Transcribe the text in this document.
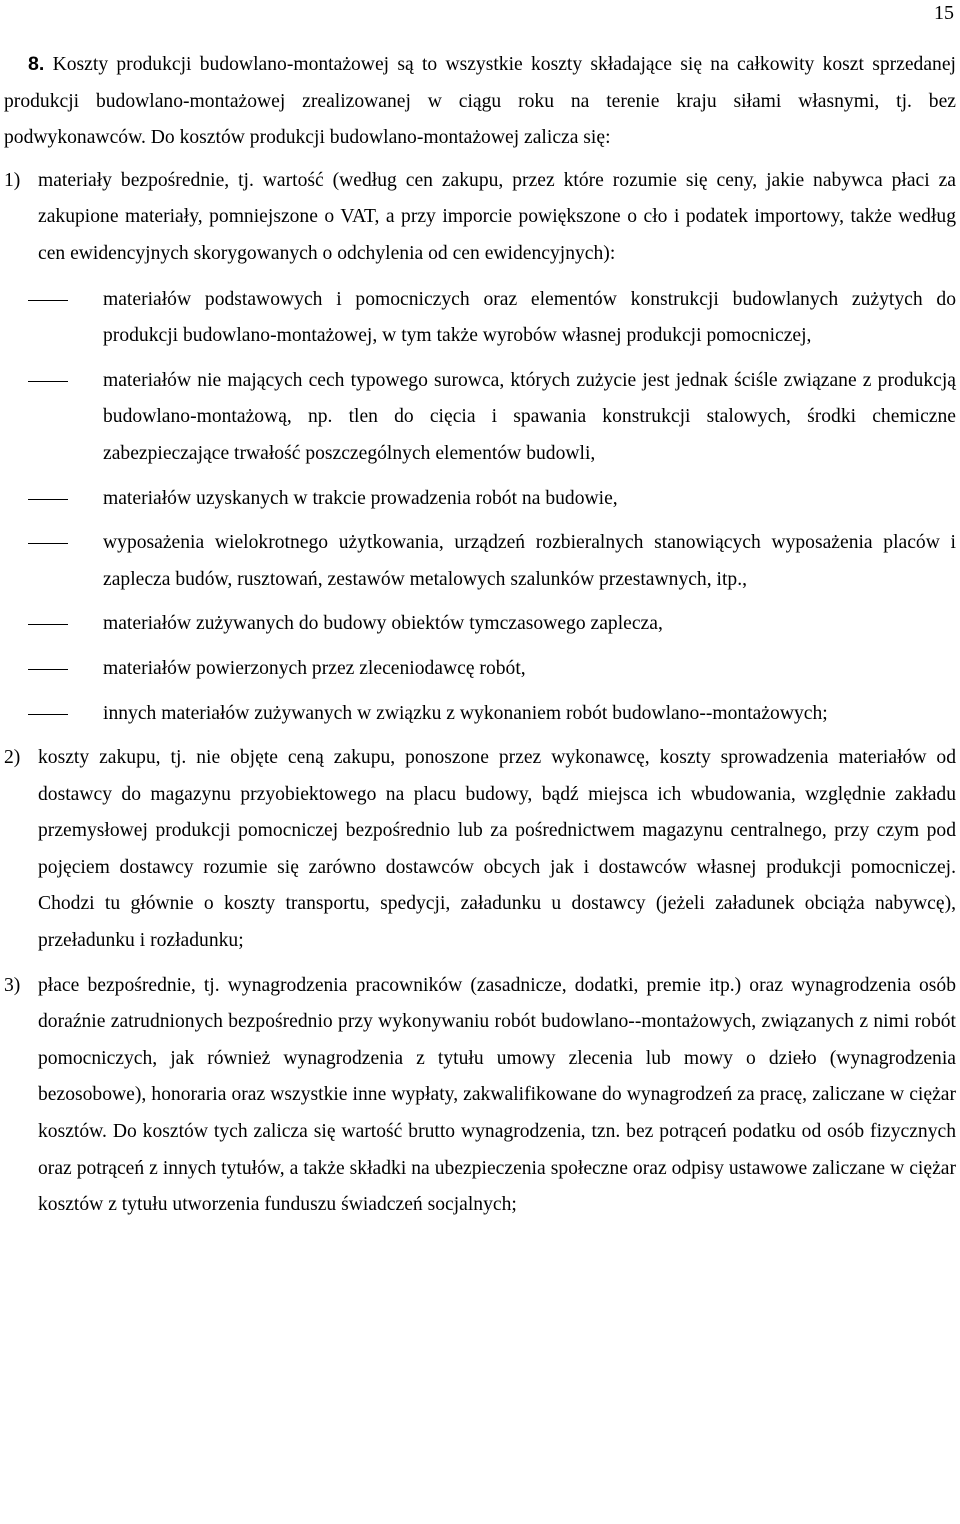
15

8. Koszty produkcji budowlano-montażowej są to wszystkie koszty składające się na całkowity koszt sprzedanej produkcji budowlano-montażowej zrealizowanej w ciągu roku na terenie kraju siłami własnymi, tj. bez podwykonawców. Do kosztów produkcji budowlano-montażowej zalicza się:

1) materiały bezpośrednie, tj. wartość (według cen zakupu, przez które rozumie się ceny, jakie nabywca płaci za zakupione materiały, pomniejszone o VAT, a przy imporcie powiększone o cło i podatek importowy, także według cen ewidencyjnych skorygowanych o odchylenia od cen ewidencyjnych):
materiałów podstawowych i pomocniczych oraz elementów konstrukcji budowlanych zużytych do produkcji budowlano-montażowej, w tym także wyrobów własnej produkcji pomocniczej,
materiałów nie mających cech typowego surowca, których zużycie jest jednak ściśle związane z produkcją budowlano-montażową, np. tlen do cięcia i spawania konstrukcji stalowych, środki chemiczne zabezpieczające trwałość poszczególnych elementów budowli,
materiałów uzyskanych w trakcie prowadzenia robót na budowie,
wyposażenia wielokrotnego użytkowania, urządzeń rozbieralnych stanowiących wyposażenia placów i zaplecza budów, rusztowań, zestawów metalowych szalunków przestawnych, itp.,
materiałów zużywanych do budowy obiektów tymczasowego zaplecza,
materiałów powierzonych przez zleceniodawcę robót,
innych materiałów zużywanych w związku z wykonaniem robót budowlano--montażowych;
2) koszty zakupu, tj. nie objęte ceną zakupu, ponoszone przez wykonawcę, koszty sprowadzenia materiałów od dostawcy do magazynu przyobiektowego na placu budowy, bądź miejsca ich wbudowania, względnie zakładu przemysłowej produkcji pomocniczej bezpośrednio lub za pośrednictwem magazynu centralnego, przy czym pod pojęciem dostawcy rozumie się zarówno dostawców obcych jak i dostawców własnej produkcji pomocniczej. Chodzi tu głównie o koszty transportu, spedycji, załadunku u dostawcy (jeżeli załadunek obciąża nabywcę), przeładunku i rozładunku;
3) płace bezpośrednie, tj. wynagrodzenia pracowników (zasadnicze, dodatki, premie itp.) oraz wynagrodzenia osób doraźnie zatrudnionych bezpośrednio przy wykonywaniu robót budowlano--montażowych, związanych z nimi robót pomocniczych, jak również wynagrodzenia z tytułu umowy zlecenia lub mowy o dzieło (wynagrodzenia bezosobowe), honoraria oraz wszystkie inne wypłaty, zakwalifikowane do wynagrodzeń za pracę, zaliczane w ciężar kosztów. Do kosztów tych zalicza się wartość brutto wynagrodzenia, tzn. bez potrąceń podatku od osób fizycznych oraz potrąceń z innych tytułów, a także składki na ubezpieczenia społeczne oraz odpisy ustawowe zaliczane w ciężar kosztów z tytułu utworzenia funduszu świadczeń socjalnych;
